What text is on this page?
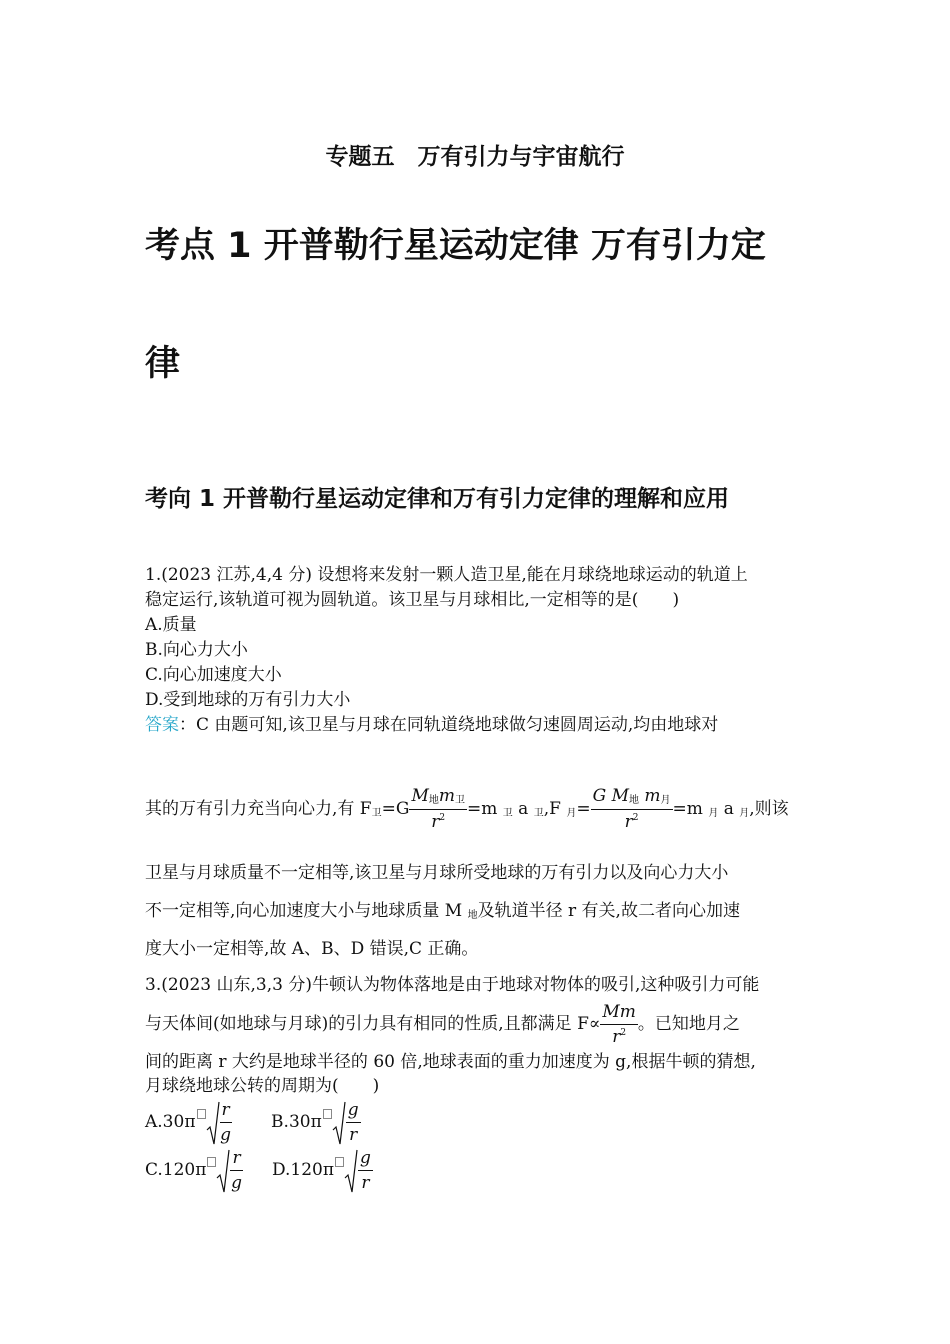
专题五　万有引力与宇宙航行
考点 1 开普勒行星运动定律 万有引力定
律
考向 1 开普勒行星运动定律和万有引力定律的理解和应用
1.(2023 江苏,4,4 分) 设想将来发射一颗人造卫星,能在月球绕地球运动的轨道上
稳定运行,该轨道可视为圆轨道。该卫星与月球相比,一定相等的是(　　)
A.质量
B.向心力大小
C.向心加速度大小
D.受到地球的万有引力大小
答案：C 由题可知,该卫星与月球在同轨道绕地球做匀速圆周运动,均由地球对
其的万有引力充当向心力,有 $F_卫=G \frac{M_地m_卫}{r^2} =m$ $_卫$ a $_卫$,F $_月= \frac{G M_地 m_月}{r^2} =m$ $_月$ a $_月$,则该
卫星与月球质量不一定相等,该卫星与月球所受地球的万有引力以及向心力大小
不一定相等,向心加速度大小与地球质量 M $_地$及轨道半径 r 有关,故二者向心加速
度大小一定相等,故 A、B、D 错误,C 正确。
3.(2023 山东,3,3 分)牛顿认为物体落地是由于地球对物体的吸引,这种吸引力可能
与天体间(如地球与月球)的引力具有相同的性质,且都满足 $F\propto \frac{Mm}{r^2}$ 。已知地月之
间的距离 r 大约是地球半径的 60 倍,地球表面的重力加速度为 g,根据牛顿的猜想,
月球绕地球公转的周期为(　　)
$A.30\pi \frac{r}{g} B.30\pi \frac{g}{r}$
$C.120\pi \frac{r}{g} D.120\pi \frac{g}{r}$
